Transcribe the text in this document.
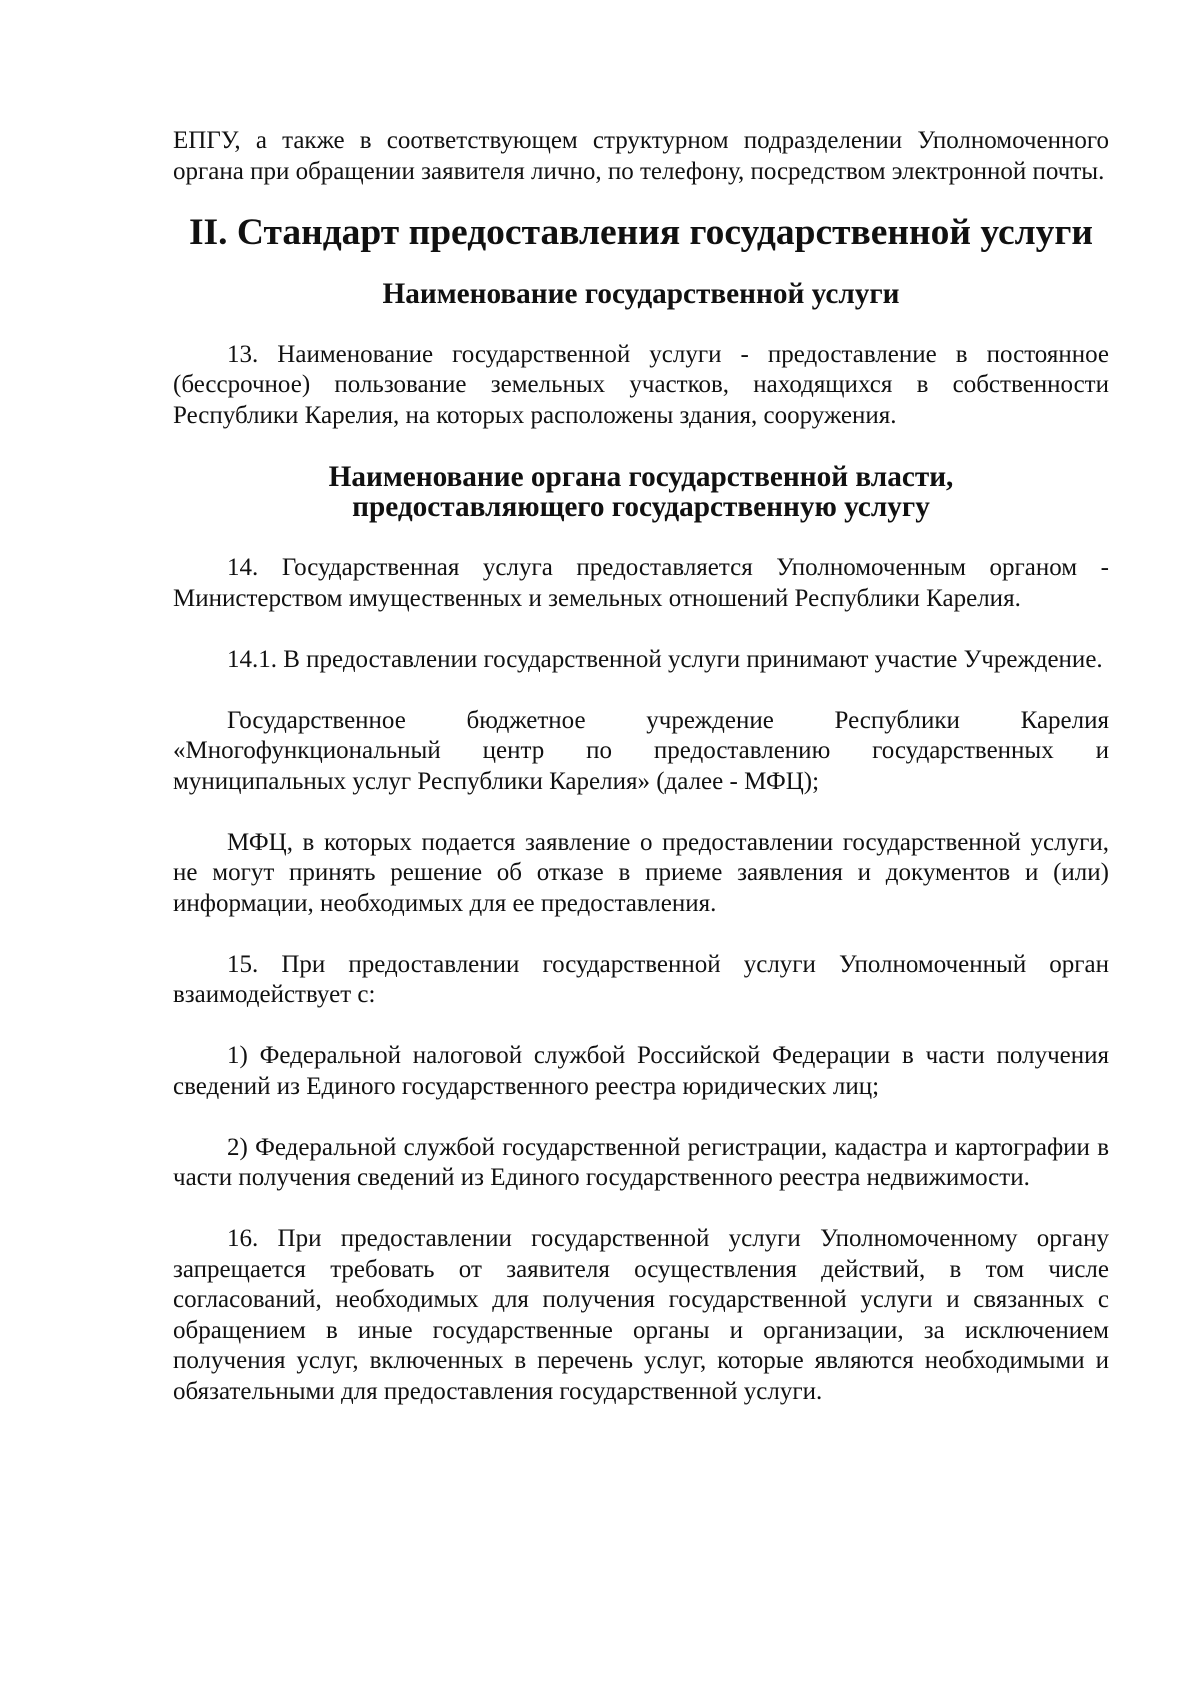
ЕПГУ, а также в соответствующем структурном подразделении Уполномоченного органа при обращении заявителя лично, по телефону, посредством электронной почты.

II. Стандарт предоставления государственной услуги
Наименование государственной услуги

13. Наименование государственной услуги - предоставление в постоянное (бессрочное) пользование земельных участков, находящихся в собственности Республики Карелия, на которых расположены здания, сооружения.

Наименование органа государственной власти,
предоставляющего государственную услугу

14. Государственная услуга предоставляется Уполномоченным органом - Министерством имущественных и земельных отношений Республики Карелия.

14.1. В предоставлении государственной услуги принимают участие Учреждение.

Государственное бюджетное учреждение Республики Карелия «Многофункциональный центр по предоставлению государственных и муниципальных услуг Республики Карелия» (далее - МФЦ);

МФЦ, в которых подается заявление о предоставлении государственной услуги, не могут принять решение об отказе в приеме заявления и документов и (или) информации, необходимых для ее предоставления.

15. При предоставлении государственной услуги Уполномоченный орган взаимодействует с:

1) Федеральной налоговой службой Российской Федерации в части получения сведений из Единого государственного реестра юридических лиц;

2) Федеральной службой государственной регистрации, кадастра и картографии в части получения сведений из Единого государственного реестра недвижимости.

16. При предоставлении государственной услуги Уполномоченному органу запрещается требовать от заявителя осуществления действий, в том числе согласований, необходимых для получения государственной услуги и связанных с обращением в иные государственные органы и организации, за исключением получения услуг, включенных в перечень услуг, которые являются необходимыми и обязательными для предоставления государственной услуги.
